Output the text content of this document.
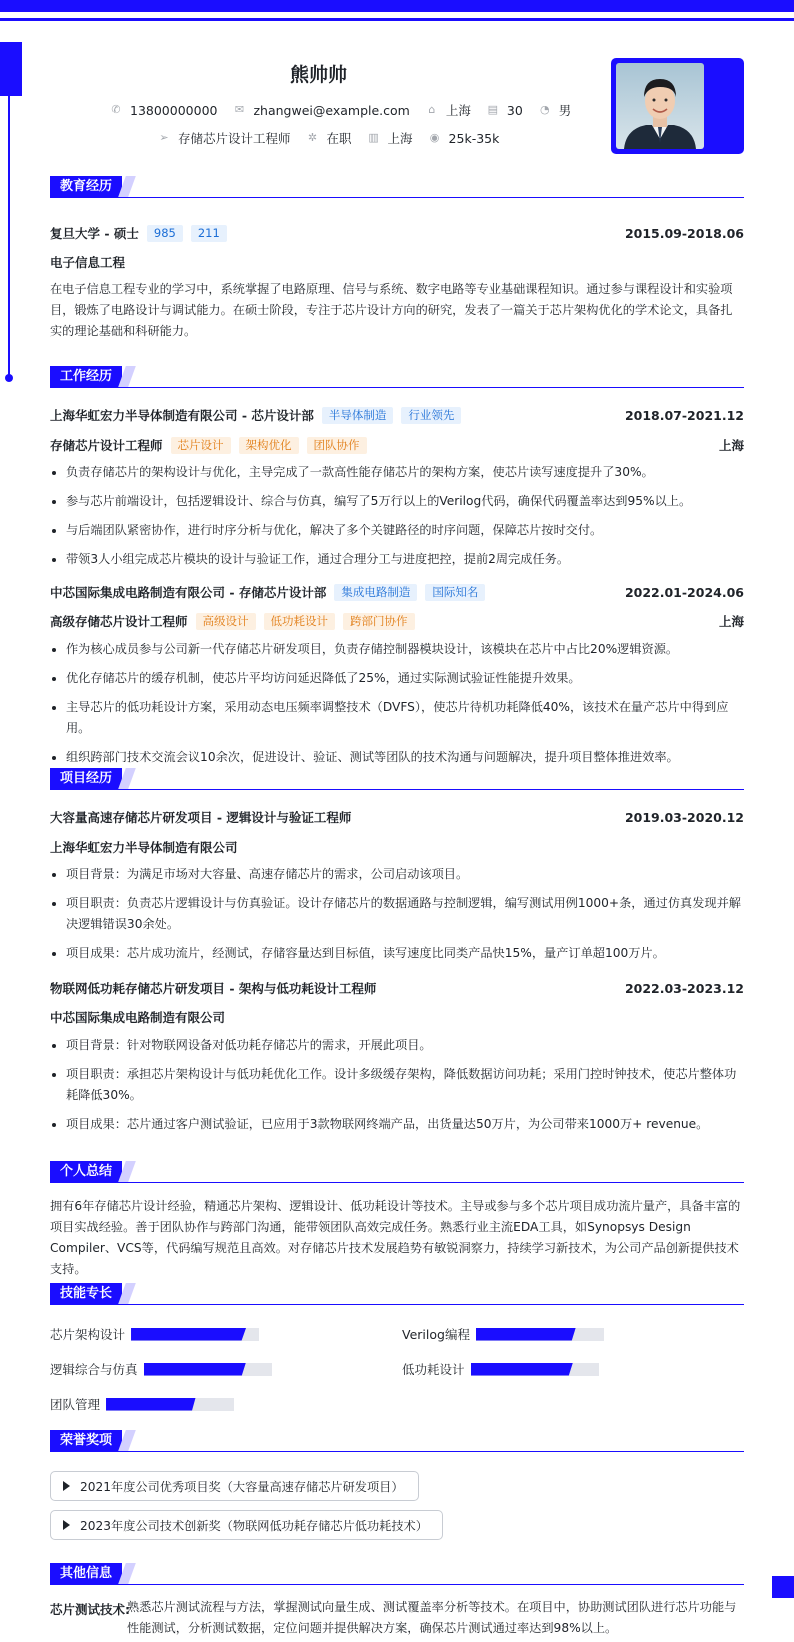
熊帅帅
✆ 13800000000 ✉ zhangwei@example.com ⌂ 上海 ▤ 30 ◔ 男
➢ 存储芯片设计工程师 ✲ 在职 ▥ 上海 ◉ 25k-35k
教育经历
复旦大学 - 硕士	985	211	2015.09-2018.06
电子信息工程
在电子信息工程专业的学习中，系统掌握了电路原理、信号与系统、数字电路等专业基础课程知识。通过参与课程设计和实验项目，锻炼了电路设计与调试能力。在硕士阶段，专注于芯片设计方向的研究，发表了一篇关于芯片架构优化的学术论文，具备扎实的理论基础和科研能力。
工作经历
上海华虹宏力半导体制造有限公司 - 芯片设计部	半导体制造	行业领先	2018.07-2021.12
存储芯片设计工程师	芯片设计	架构优化	团队协作	上海
负责存储芯片的架构设计与优化，主导完成了一款高性能存储芯片的架构方案，使芯片读写速度提升了30%。
参与芯片前端设计，包括逻辑设计、综合与仿真，编写了5万行以上的Verilog代码，确保代码覆盖率达到95%以上。
与后端团队紧密协作，进行时序分析与优化，解决了多个关键路径的时序问题，保障芯片按时交付。
带领3人小组完成芯片模块的设计与验证工作，通过合理分工与进度把控，提前2周完成任务。
中芯国际集成电路制造有限公司 - 存储芯片设计部	集成电路制造	国际知名	2022.01-2024.06
高级存储芯片设计工程师	高级设计	低功耗设计	跨部门协作	上海
作为核心成员参与公司新一代存储芯片研发项目，负责存储控制器模块设计，该模块在芯片中占比20%逻辑资源。
优化存储芯片的缓存机制，使芯片平均访问延迟降低了25%，通过实际测试验证性能提升效果。
主导芯片的低功耗设计方案，采用动态电压频率调整技术（DVFS），使芯片待机功耗降低40%，该技术在量产芯片中得到应用。
组织跨部门技术交流会议10余次，促进设计、验证、测试等团队的技术沟通与问题解决，提升项目整体推进效率。
项目经历
大容量高速存储芯片研发项目 - 逻辑设计与验证工程师	2019.03-2020.12
上海华虹宏力半导体制造有限公司
项目背景：为满足市场对大容量、高速存储芯片的需求，公司启动该项目。
项目职责：负责芯片逻辑设计与仿真验证。设计存储芯片的数据通路与控制逻辑，编写测试用例1000+条，通过仿真发现并解决逻辑错误30余处。
项目成果：芯片成功流片，经测试，存储容量达到目标值，读写速度比同类产品快15%，量产订单超100万片。
物联网低功耗存储芯片研发项目 - 架构与低功耗设计工程师	2022.03-2023.12
中芯国际集成电路制造有限公司
项目背景：针对物联网设备对低功耗存储芯片的需求，开展此项目。
项目职责：承担芯片架构设计与低功耗优化工作。设计多级缓存架构，降低数据访问功耗；采用门控时钟技术，使芯片整体功耗降低30%。
项目成果：芯片通过客户测试验证，已应用于3款物联网终端产品，出货量达50万片，为公司带来1000万+ revenue。
个人总结
拥有6年存储芯片设计经验，精通芯片架构、逻辑设计、低功耗设计等技术。主导或参与多个芯片项目成功流片量产，具备丰富的项目实战经验。善于团队协作与跨部门沟通，能带领团队高效完成任务。熟悉行业主流EDA工具，如Synopsys Design Compiler、VCS等，代码编写规范且高效。对存储芯片技术发展趋势有敏锐洞察力，持续学习新技术，为公司产品创新提供技术支持。
技能专长
芯片架构设计	Verilog编程
逻辑综合与仿真	低功耗设计
团队管理
荣誉奖项
2021年度公司优秀项目奖（大容量高速存储芯片研发项目）
2023年度公司技术创新奖（物联网低功耗存储芯片低功耗技术）
其他信息
芯片测试技术:
熟悉芯片测试流程与方法，掌握测试向量生成、测试覆盖率分析等技术。在项目中，协助测试团队进行芯片功能与性能测试，分析测试数据，定位问题并提供解决方案，确保芯片测试通过率达到98%以上。
